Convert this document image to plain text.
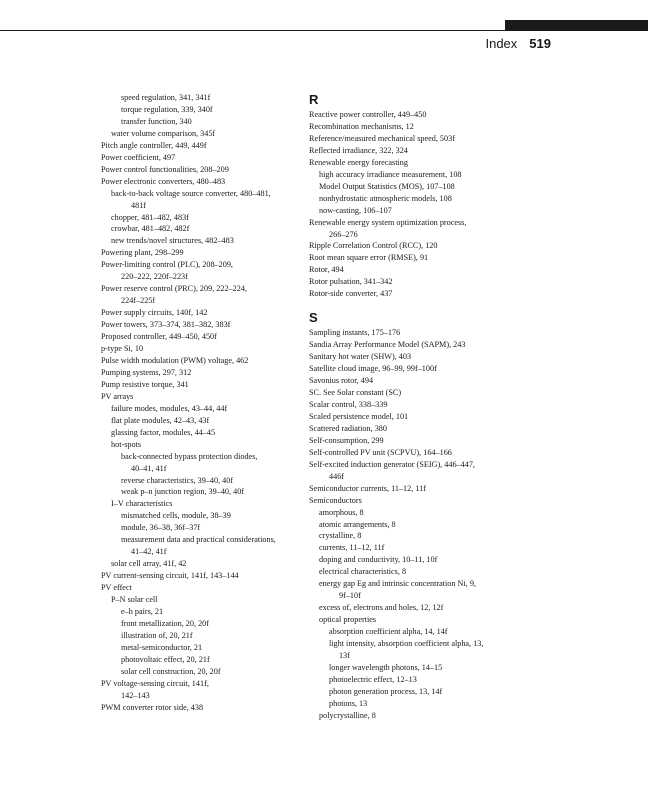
Index 519
speed regulation, 341, 341f
torque regulation, 339, 340f
transfer function, 340
water volume comparison, 345f
Pitch angle controller, 449, 449f
Power coefficient, 497
Power control functionalities, 208–209
Power electronic converters, 480–483
back-to-back voltage source converter, 480–481,
481f
chopper, 481–482, 483f
crowbar, 481–482, 482f
new trends/novel structures, 482–483
Powering plant, 298–299
Power-limiting control (PLC), 208–209,
220–222, 220f–223f
Power reserve control (PRC), 209, 222–224,
224f–225f
Power supply circuits, 140f, 142
Power towers, 373–374, 381–382, 383f
Proposed controller, 449–450, 450f
p-type Si, 10
Pulse width modulation (PWM) voltage, 462
Pumping systems, 297, 312
Pump resistive torque, 341
PV arrays
failure modes, modules, 43–44, 44f
flat plate modules, 42–43, 43f
glassing factor, modules, 44–45
hot-spots
back-connected bypass protection diodes,
40–41, 41f
reverse characteristics, 39–40, 40f
weak p–n junction region, 39–40, 40f
I–V characteristics
mismatched cells, module, 38–39
module, 36–38, 36f–37f
measurement data and practical considerations,
41–42, 41f
solar cell array, 41f, 42
PV current-sensing circuit, 141f, 143–144
PV effect
P–N solar cell
e–h pairs, 21
front metallization, 20, 20f
illustration of, 20, 21f
metal-semiconductor, 21
photovoltaic effect, 20, 21f
solar cell construction, 20, 20f
PV voltage-sensing circuit, 141f,
142–143
PWM converter rotor side, 438
R
Reactive power controller, 449–450
Recombination mechanisms, 12
Reference/measured mechanical speed, 503f
Reflected irradiance, 322, 324
Renewable energy forecasting
high accuracy irradiance measurement, 108
Model Output Statistics (MOS), 107–108
nonhydrostatic atmospheric models, 108
now-casting, 106–107
Renewable energy system optimization process,
266–276
Ripple Correlation Control (RCC), 120
Root mean square error (RMSE), 91
Rotor, 494
Rotor pulsation, 341–342
Rotor-side converter, 437
S
Sampling instants, 175–176
Sandia Array Performance Model (SAPM), 243
Sanitary hot water (SHW), 403
Satellite cloud image, 96–99, 99f–100f
Savonius rotor, 494
SC. See Solar constant (SC)
Scalar control, 338–339
Scaled persistence model, 101
Scattered radiation, 380
Self-consumption, 299
Self-controlled PV unit (SCPVU), 164–166
Self-excited induction generator (SEIG), 446–447,
446f
Semiconductor currents, 11–12, 11f
Semiconductors
amorphous, 8
atomic arrangements, 8
crystalline, 8
currents, 11–12, 11f
doping and conductivity, 10–11, 10f
electrical characteristics, 8
energy gap Eg and intrinsic concentration Ni, 9,
9f–10f
excess of, electrons and holes, 12, 12f
optical properties
absorption coefficient alpha, 14, 14f
light intensity, absorption coefficient alpha, 13,
13f
longer wavelength photons, 14–15
photoelectric effect, 12–13
photon generation process, 13, 14f
photons, 13
polycrystalline, 8
